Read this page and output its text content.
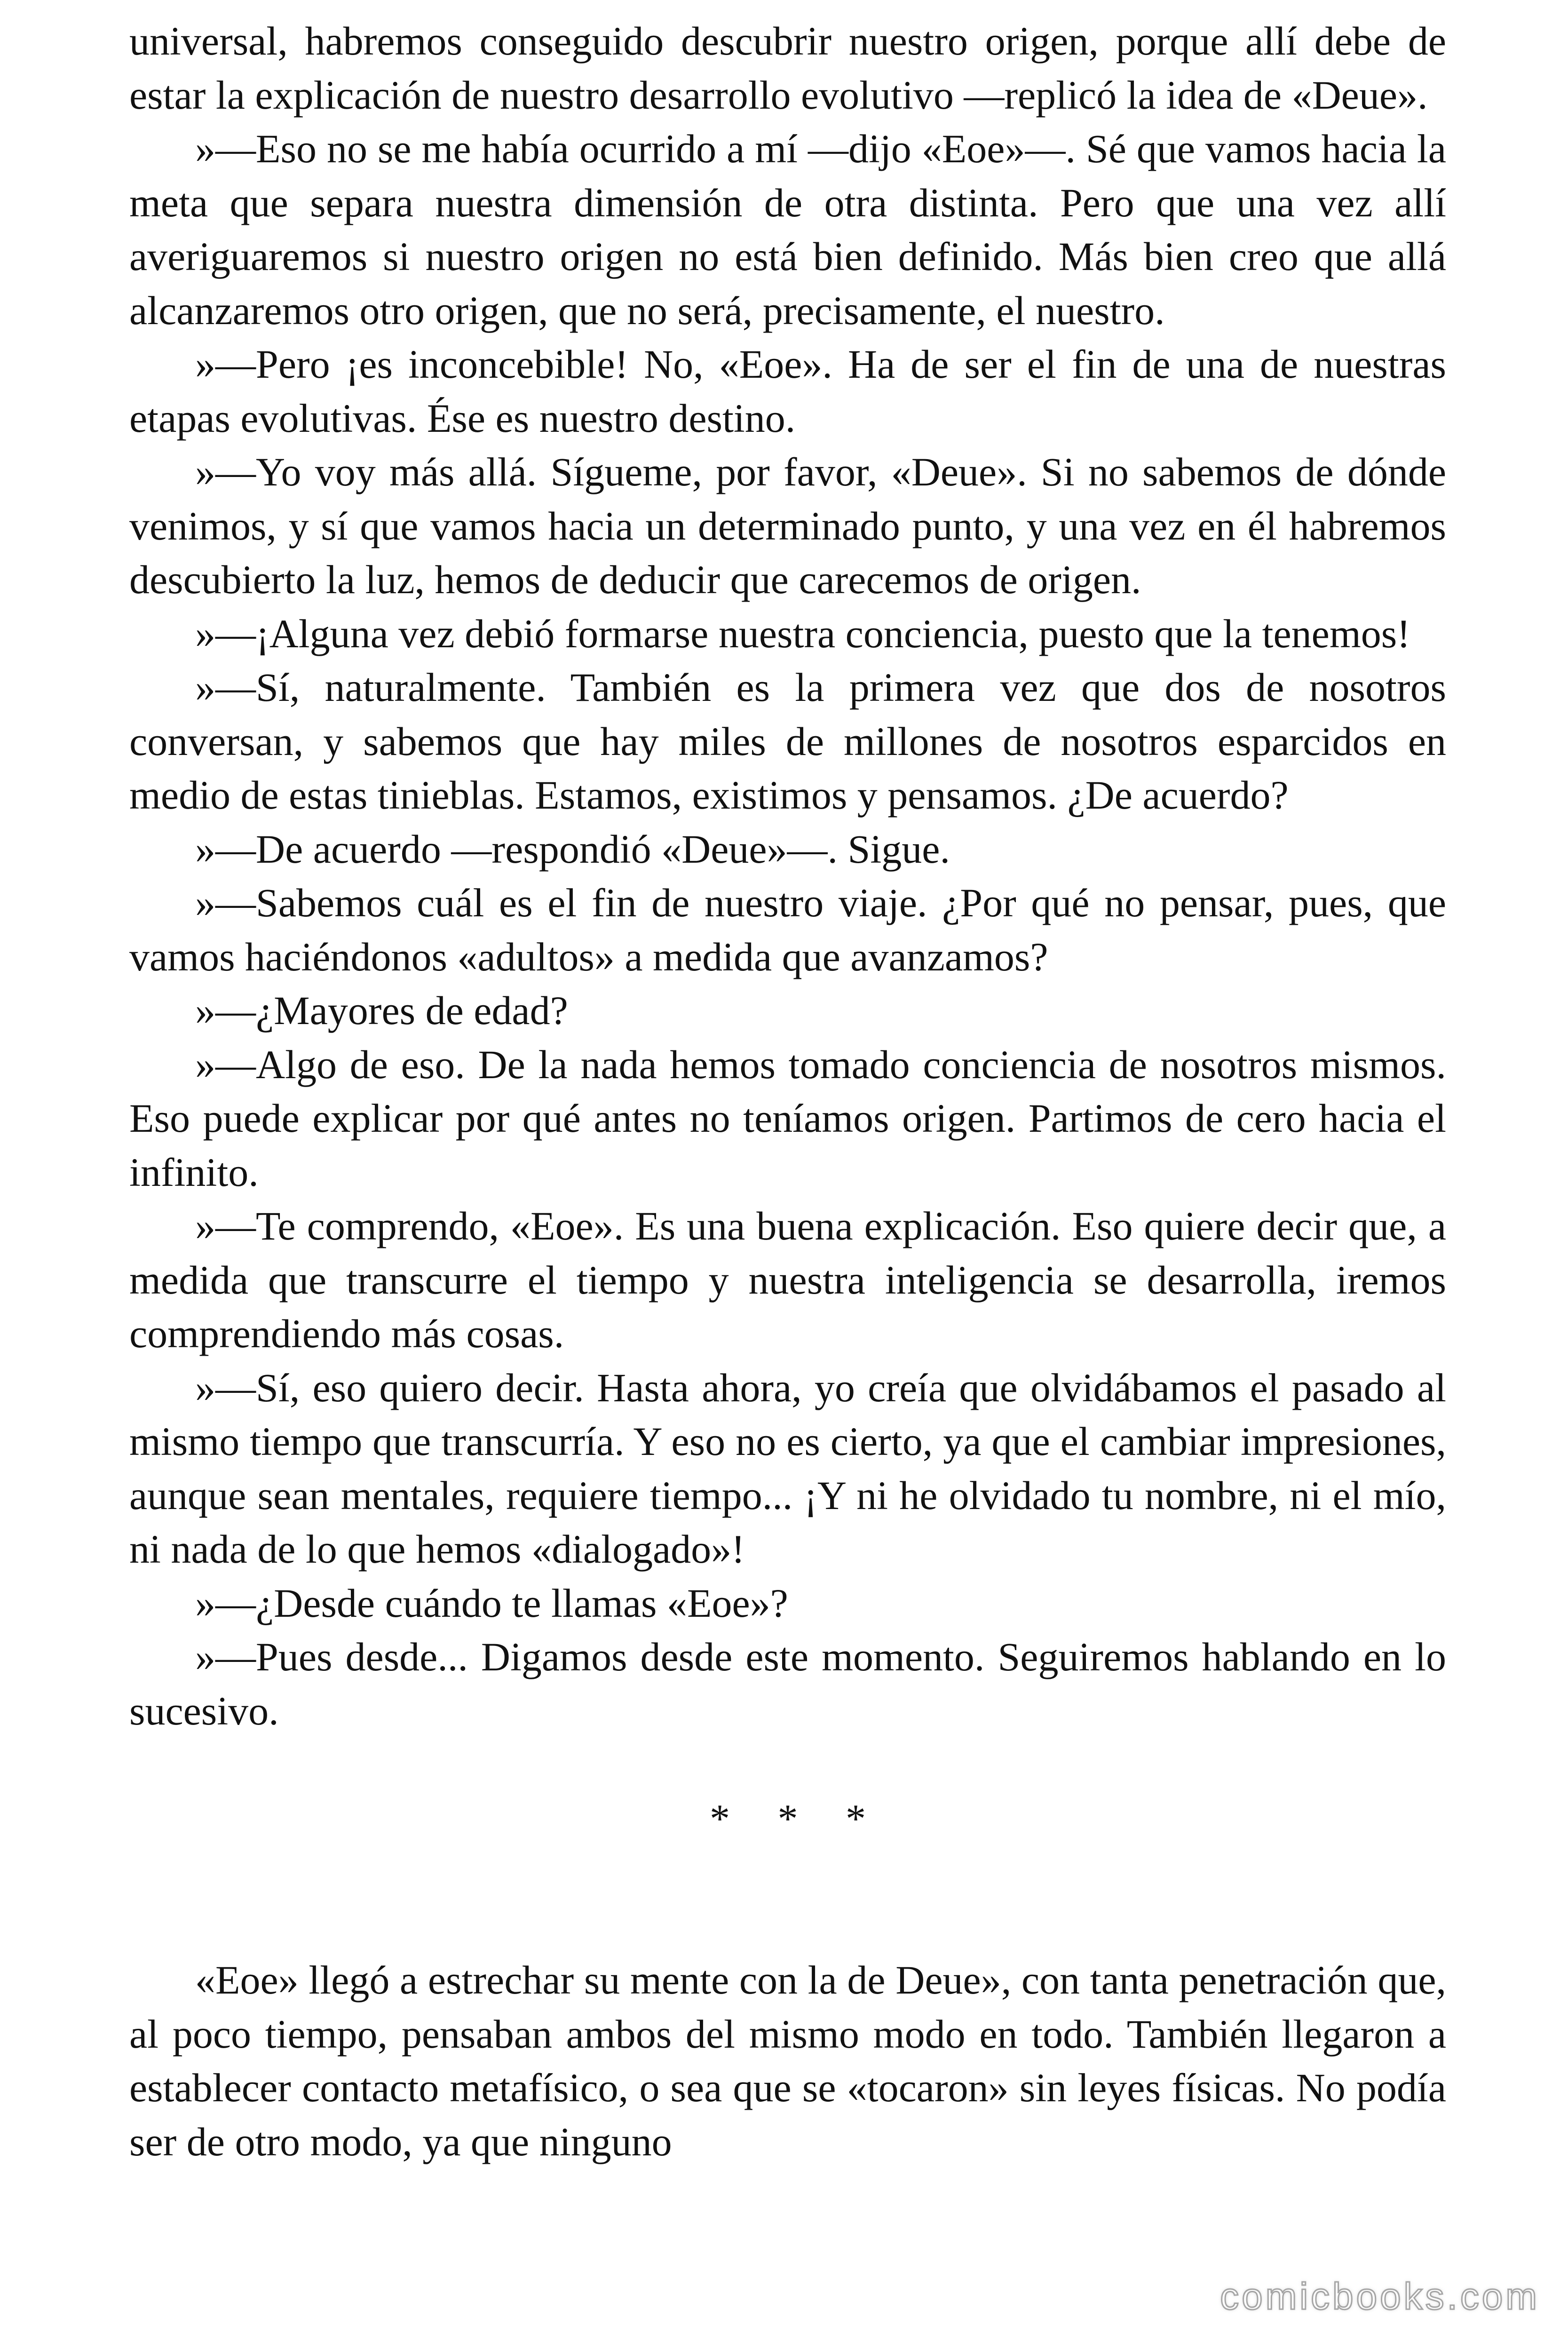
universal, habremos conseguido descubrir nuestro origen, porque allí debe de estar la explicación de nuestro desarrollo evolutivo —replicó la idea de «Deue».

»—Eso no se me había ocurrido a mí —dijo «Eoe»—. Sé que vamos hacia la meta que separa nuestra dimensión de otra distinta. Pero que una vez allí averiguaremos si nuestro origen no está bien definido. Más bien creo que allá alcanzaremos otro origen, que no será, precisamente, el nuestro.

»—Pero ¡es inconcebible! No, «Eoe». Ha de ser el fin de una de nuestras etapas evolutivas. Ése es nuestro destino.

»—Yo voy más allá. Sígueme, por favor, «Deue». Si no sabemos de dónde venimos, y sí que vamos hacia un determinado punto, y una vez en él habremos descubierto la luz, hemos de deducir que carecemos de origen.

»—¡Alguna vez debió formarse nuestra conciencia, puesto que la tenemos!

»—Sí, naturalmente. También es la primera vez que dos de nosotros conversan, y sabemos que hay miles de millones de nosotros esparcidos en medio de estas tinieblas. Estamos, existimos y pensamos. ¿De acuerdo?

»—De acuerdo —respondió «Deue»—. Sigue.

»—Sabemos cuál es el fin de nuestro viaje. ¿Por qué no pensar, pues, que vamos haciéndonos «adultos» a medida que avanzamos?

»—¿Mayores de edad?

»—Algo de eso. De la nada hemos tomado conciencia de nosotros mismos. Eso puede explicar por qué antes no teníamos origen. Partimos de cero hacia el infinito.

»—Te comprendo, «Eoe». Es una buena explicación. Eso quiere decir que, a medida que transcurre el tiempo y nuestra inteligencia se desarrolla, iremos comprendiendo más cosas.

»—Sí, eso quiero decir. Hasta ahora, yo creía que olvidábamos el pasado al mismo tiempo que transcurría. Y eso no es cierto, ya que el cambiar impresiones, aunque sean mentales, requiere tiempo... ¡Y ni he olvidado tu nombre, ni el mío, ni nada de lo que hemos «dialogado»!

»—¿Desde cuándo te llamas «Eoe»?

»—Pues desde... Digamos desde este momento. Seguiremos hablando en lo sucesivo.

* * *

«Eoe» llegó a estrechar su mente con la de Deue», con tanta penetración que, al poco tiempo, pensaban ambos del mismo modo en todo. También llegaron a establecer contacto metafísico, o sea que se «tocaron» sin leyes físicas. No podía ser de otro modo, ya que ninguno

comicbooks.com
